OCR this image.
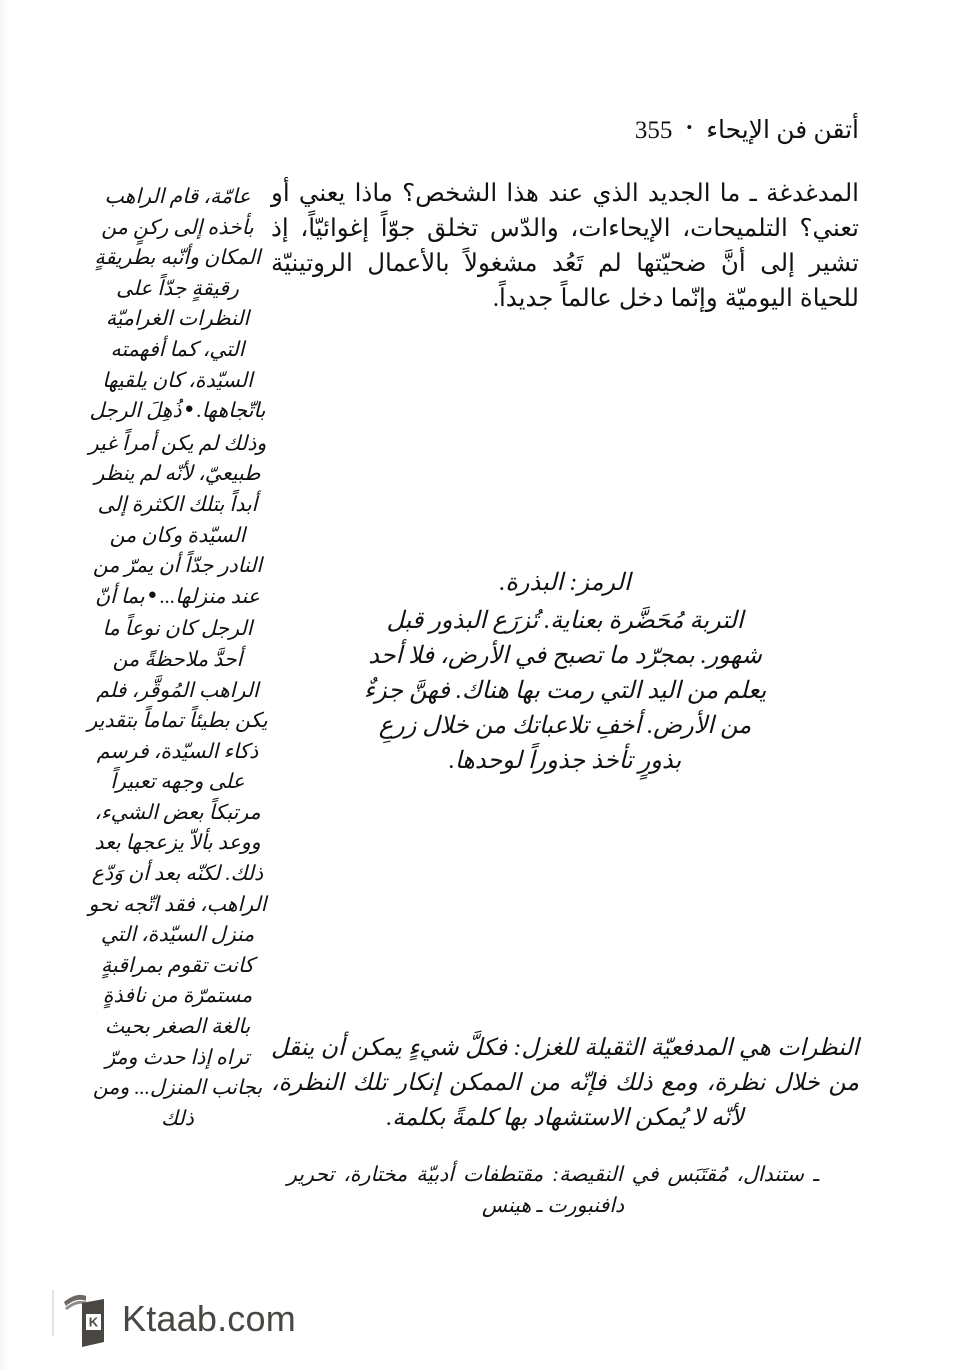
أتقن فن الإيحاء
•
355

المدغدغة ـ ما الجديد الذي عند هذا الشخص؟ ماذا يعني أو تعني؟ التلميحات، الإيحاءات، والدّس تخلق جوّاً إغوائيّاً، إذ تشير إلى أنَّ ضحيّتها لم تَعُد مشغولاً بالأعمال الروتينيّة للحياة اليوميّة وإنّما دخل عالماً جديداً.

الرمز: البذرة.
التربة مُحَضَّرة بعناية. تُزرَع البذور قبل
شهور. بمجرّد ما تصبح في الأرض، فلا أحد
يعلم من اليد التي رمت بها هناك. فهنَّ جزءٌ
من الأرض. أخفِ تلاعباتك من خلال زرعِ
بذورٍ تأخذ جذوراً لوحدها.

النظرات هي المدفعيّة الثقيلة للغزل: فكلَّ شيءٍ يمكن أن ينقل من خلال نظرة، ومع ذلك فإنّه من الممكن إنكار تلك النظرة، لأنّه لا يُمكن الاستشهاد بها كلمةً بكلمة.

ـ ستندال، مُقتَبَس في النقيصة: مقتطفات أدبيّة مختارة، تحرير دافنبورت ـ هينس

عامّة، قام الراهب بأخذه إلى ركنٍ من المكان وأنّبه بطريقةٍ رقيقةٍ جدّاً على النظرات الغراميّة التي، كما أفهمته السيّدة، كان يلقيها باتّجاهها.●ذُهِلَ الرجل وذلك لم يكن أمراً غير طبيعيّ، لأنّه لم ينظر أبداً بتلك الكثرة إلى السيّدة وكان من النادر جدّاً أن يمرّ من عند منزلها...●بما أنّ الرجل كان نوعاً ما أحدَّ ملاحظةً من الراهب المُوقَّر، فلم يكن بطيئاً تماماً بتقدير ذكاء السيّدة، فرسم على وجهه تعبيراً مرتبكاً بعض الشيء، ووعد بألاّ يزعجها بعد ذلك. لكنّه بعد أن وَدّع الراهب، فقد اتّجه نحو منزل السيّدة، التي كانت تقوم بمراقبةٍ مستمرّة من نافذةٍ بالغة الصغر بحيث تراه إذا حدث ومرّ بجانب المنزل... ومن ذلك

K Ktaab.com
